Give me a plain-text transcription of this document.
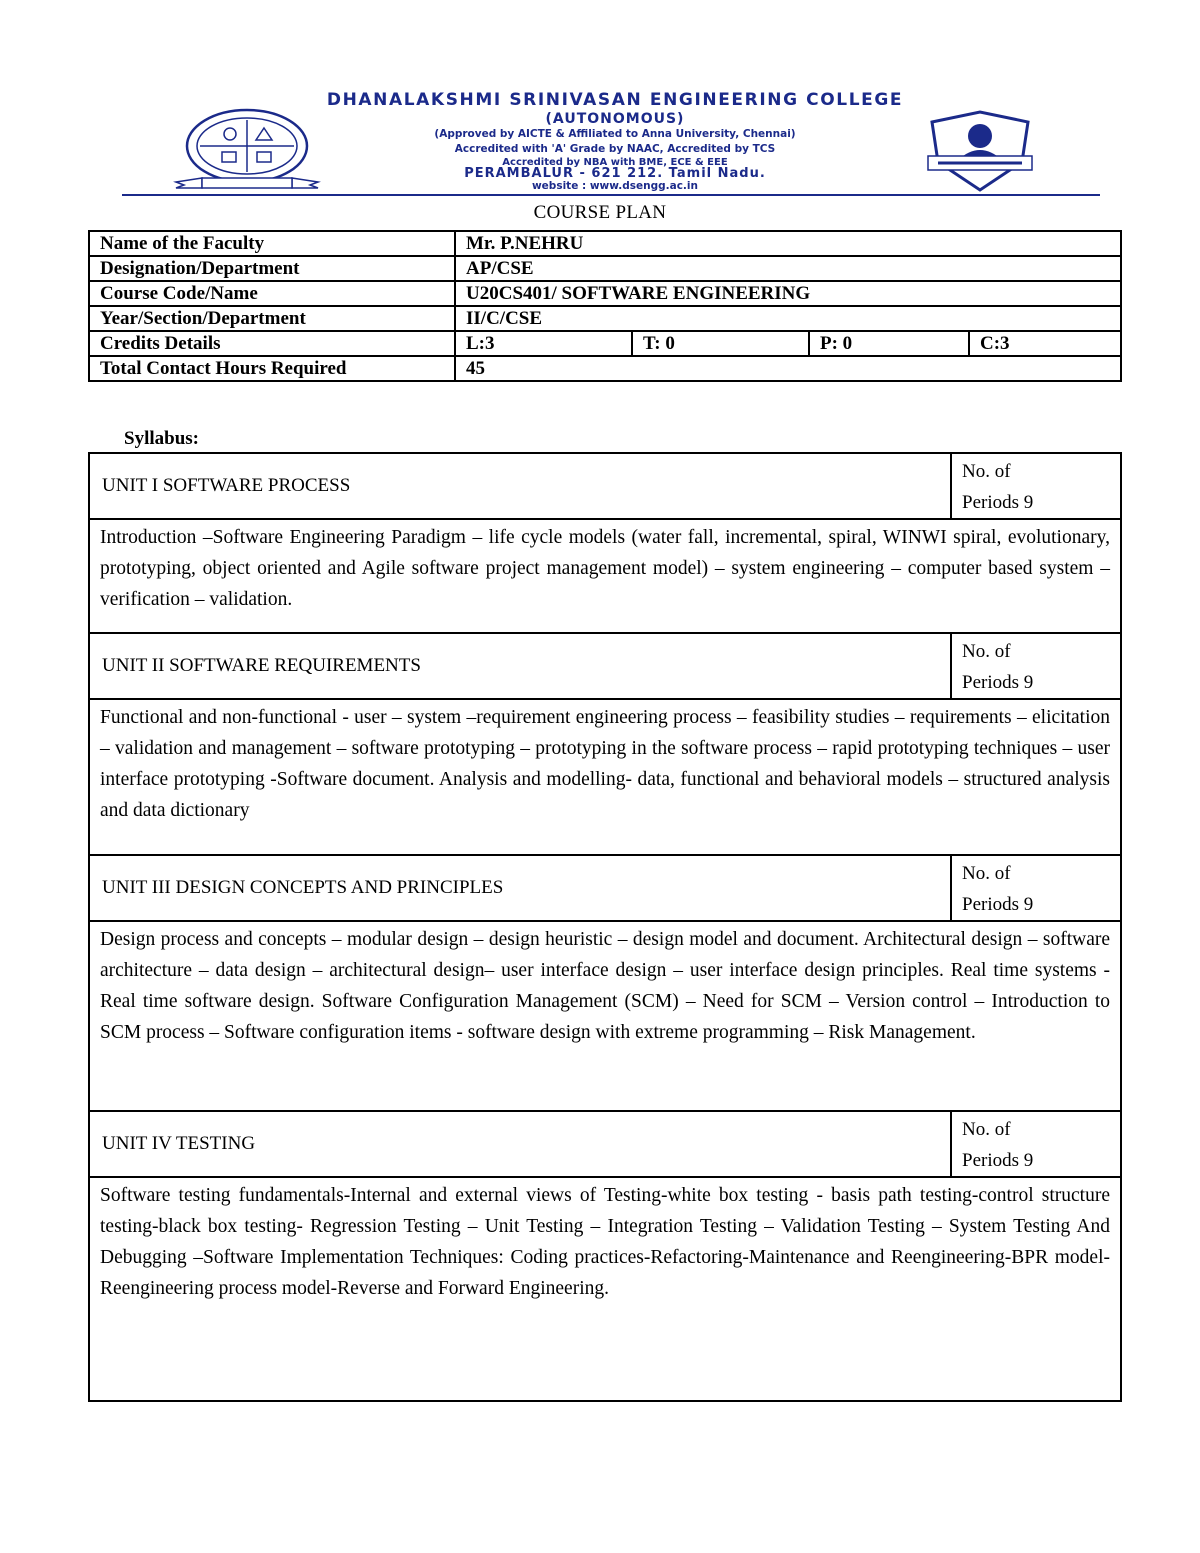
DHANALAKSHMI SRINIVASAN ENGINEERING COLLEGE
(AUTONOMOUS)
(Approved by AICTE & Affiliated to Anna University, Chennai)
Accredited with 'A' Grade by NAAC, Accredited by TCS
Accredited by NBA with BME, ECE & EEE
PERAMBALUR - 621 212. Tamil Nadu.
website : www.dsengg.ac.in
COURSE PLAN
Name of the Faculty	Mr. P.NEHRU			
Designation/Department	AP/CSE			
Course Code/Name	U20CS401/ SOFTWARE ENGINEERING			
Year/Section/Department	II/C/CSE			
Credits Details	L:3	T: 0	P: 0	C:3
Total Contact Hours Required	45			
Syllabus:
UNIT I SOFTWARE PROCESS	No. of
Periods 9

Introduction –Software Engineering Paradigm – life cycle models (water fall, incremental, spiral, WINWI spiral, evolutionary, prototyping, object oriented and Agile software project management model) – system engineering – computer based system – verification – validation.	
UNIT II SOFTWARE REQUIREMENTS	No. of
Periods 9

Functional and non-functional - user – system –requirement engineering process – feasibility studies – requirements – elicitation – validation and management – software prototyping – prototyping in the software process – rapid prototyping techniques – user interface prototyping -Software document. Analysis and modelling- data, functional and behavioral models – structured analysis and data dictionary	
UNIT III DESIGN CONCEPTS AND PRINCIPLES	No. of
Periods 9

Design process and concepts – modular design – design heuristic – design model and document. Architectural design – software architecture – data design – architectural design– user interface design – user interface design principles. Real time systems - Real time software design. Software Configuration Management (SCM) – Need for SCM – Version control – Introduction to SCM process – Software configuration items - software design with extreme programming – Risk Management.	
UNIT IV TESTING	No. of
Periods 9

Software testing fundamentals-Internal and external views of Testing-white box testing - basis path testing-control structure testing-black box testing- Regression Testing – Unit Testing – Integration Testing – Validation Testing – System Testing And Debugging –Software Implementation Techniques: Coding practices-Refactoring-Maintenance and Reengineering-BPR model-Reengineering process model-Reverse and Forward Engineering.	
